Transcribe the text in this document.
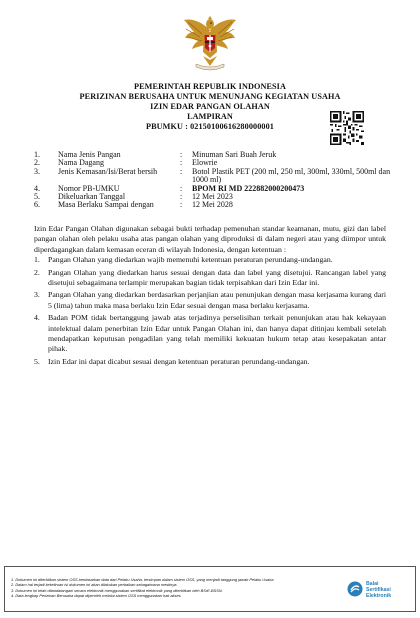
PEMERINTAH REPUBLIK INDONESIA
PERIZINAN BERUSAHA UNTUK MENUNJANG KEGIATAN USAHA
IZIN EDAR PANGAN OLAHAN
LAMPIRAN
PBUMKU : 02150100616280000001
1.	Nama Jenis Pangan	:	Minuman Sari Buah Jeruk
2.	Nama Dagang	:	Elowrie
3.	Jenis Kemasan/Isi/Berat bersih	:	Botol Plastik PET (200 ml, 250 ml, 300ml, 330ml, 500ml dan 1000 ml)
4.	Nomor PB-UMKU	:	BPOM RI MD 222882000200473
5.	Dikeluarkan Tanggal	:	12 Mei 2023
6.	Masa Berlaku Sampai dengan	:	12 Mei 2028

Izin Edar Pangan Olahan digunakan sebagai bukti terhadap pemenuhan standar keamanan, mutu, gizi dan label pangan olahan oleh pelaku usaha atas pangan olahan yang diproduksi di dalam negeri atau yang diimpor untuk diperdagangkan dalam kemasan eceran di wilayah Indonesia, dengan ketentuan :

1.	Pangan Olahan yang diedarkan wajib memenuhi ketentuan peraturan perundang-undangan.
2.	Pangan Olahan yang diedarkan harus sesuai dengan data dan label yang disetujui. Rancangan label yang disetujui sebagaimana terlampir merupakan bagian tidak terpisahkan dari Izin Edar ini.
3.	Pangan Olahan yang diedarkan berdasarkan perjanjian atau penunjukan dengan masa kerjasama kurang dari 5 (lima) tahun maka masa berlaku Izin Edar sesuai dengan masa berlaku kerjasama.
4.	Badan POM tidak bertanggung jawab atas terjadinya perselisihan terkait penunjukan atau hak kekayaan intelektual dalam penerbitan Izin Edar untuk Pangan Olahan ini, dan hanya dapat ditinjau kembali setelah mendapatkan keputusan pengadilan yang telah memiliki kekuatan hukum tetap atau kesepakatan antar pihak.
5.	Izin Edar ini dapat dicabut sesuai dengan ketentuan peraturan perundang-undangan.
1. Dokumen ini diterbitkan sistem OSS berdasarkan data dari Pelaku Usaha, tersimpan dalam sistem OSS, yang menjadi tanggung jawab Pelaku Usaha
2. Dalam hal terjadi kekeliruan isi dokumen ini akan dilakukan perbaikan sebagaimana mestinya.
3. Dokumen ini telah ditandatangani secara elektronik menggunakan sertifikat elektronik yang diterbitkan oleh BSrE-BSSN.
4. Data lengkap Perizinan Berusaha dapat diperoleh melalui sistem OSS menggunakan hak akses.
Balai
Sertifikasi
Elektronik
